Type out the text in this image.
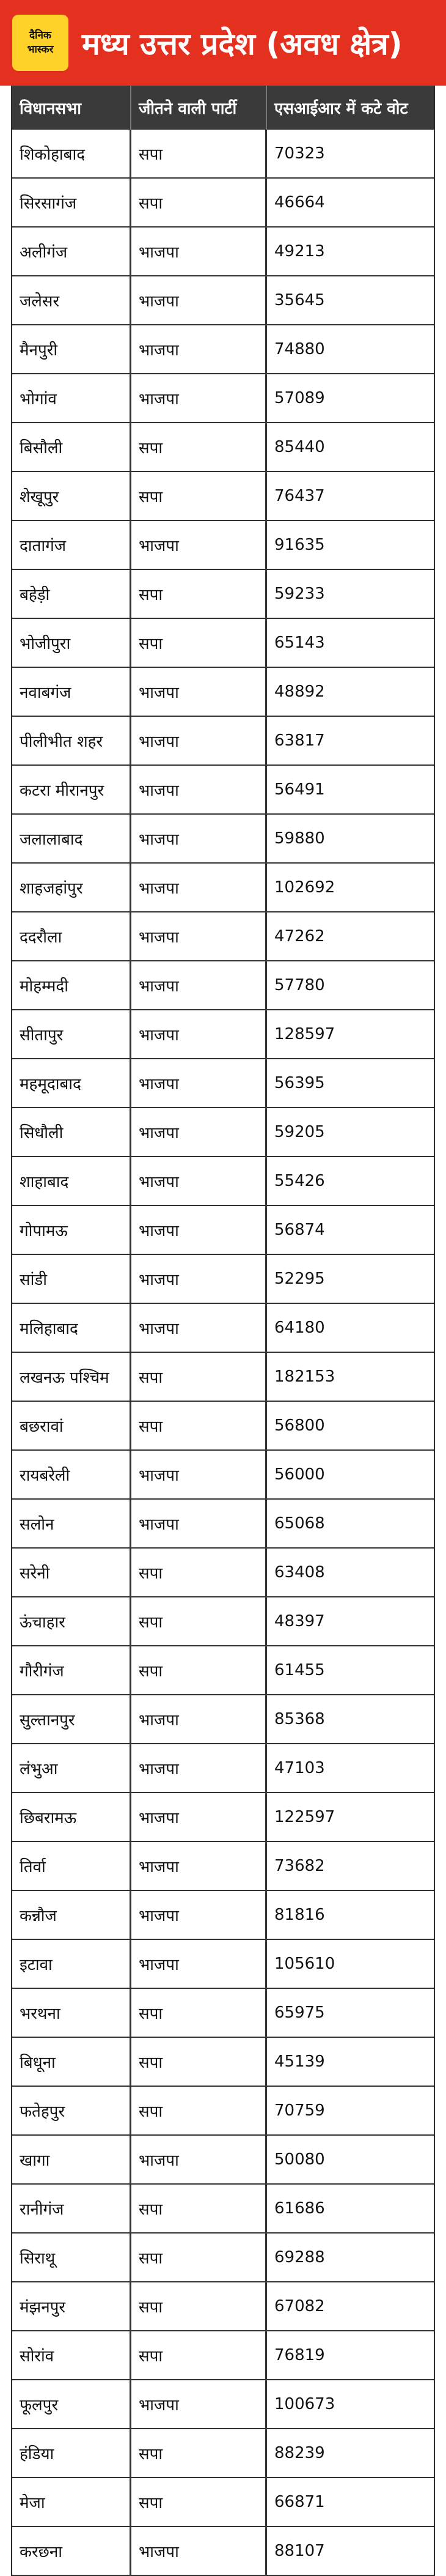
दैनिक
भास्कर मध्य उत्तर प्रदेश (अवध क्षेत्र)
विधानसभा	जीतने वाली पार्टी	एसआईआर में कटे वोट
शिकोहाबाद	सपा	70323
सिरसागंज	सपा	46664
अलीगंज	भाजपा	49213
जलेसर	भाजपा	35645
मैनपुरी	भाजपा	74880
भोगांव	भाजपा	57089
बिसौली	सपा	85440
शेखूपुर	सपा	76437
दातागंज	भाजपा	91635
बहेड़ी	सपा	59233
भोजीपुरा	सपा	65143
नवाबगंज	भाजपा	48892
पीलीभीत शहर	भाजपा	63817
कटरा मीरानपुर	भाजपा	56491
जलालाबाद	भाजपा	59880
शाहजहांपुर	भाजपा	102692
ददरौला	भाजपा	47262
मोहम्मदी	भाजपा	57780
सीतापुर	भाजपा	128597
महमूदाबाद	भाजपा	56395
सिधौली	भाजपा	59205
शाहाबाद	भाजपा	55426
गोपामऊ	भाजपा	56874
सांडी	भाजपा	52295
मलिहाबाद	भाजपा	64180
लखनऊ पश्चिम	सपा	182153
बछरावां	सपा	56800
रायबरेली	भाजपा	56000
सलोन	भाजपा	65068
सरेनी	सपा	63408
ऊंचाहार	सपा	48397
गौरीगंज	सपा	61455
सुल्तानपुर	भाजपा	85368
लंभुआ	भाजपा	47103
छिबरामऊ	भाजपा	122597
तिर्वा	भाजपा	73682
कन्नौज	भाजपा	81816
इटावा	भाजपा	105610
भरथना	सपा	65975
बिधूना	सपा	45139
फतेहपुर	सपा	70759
खागा	भाजपा	50080
रानीगंज	सपा	61686
सिराथू	सपा	69288
मंझनपुर	सपा	67082
सोरांव	सपा	76819
फूलपुर	भाजपा	100673
हंडिया	सपा	88239
मेजा	सपा	66871
करछना	भाजपा	88107
